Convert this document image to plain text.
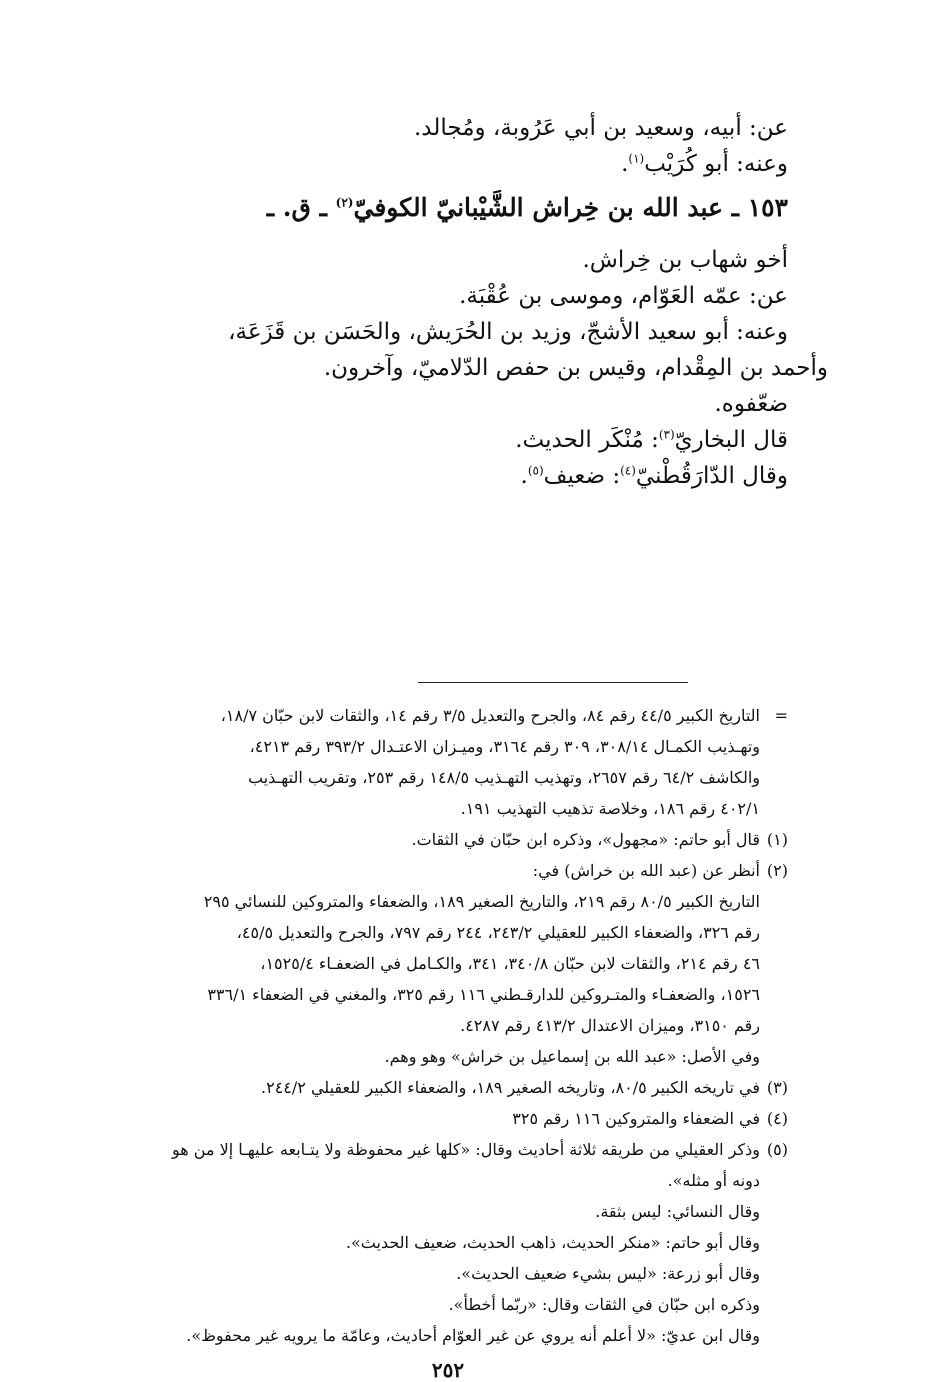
عن: أبيه، وسعيد بن أبي عَرُوبة، ومُجالد.

وعنه: أبو كُرَيْب$^{(١)}$.

١٥٣ ـ عبد الله بن خِراش الشَّيْبانيّ الكوفيّ$^{(٢)}$ ـ ق. ـ

أخو شهاب بن خِراش.

عن: عمّه العَوّام، وموسى بن عُقْبَة.

وعنه: أبو سعيد الأشجّ، وزيد بن الحُرَيش، والحَسَن بن قَزَعَة،

وأحمد بن المِقْدام، وقيس بن حفص الدّلاميّ، وآخرون.

ضعّفوه.

قال البخاريّ$^{(٣)}$: مُنْكَر الحديث.

وقال الدّارَقُطْنيّ$^{(٤)}$: ضعيف$^{(٥)}$.

=التاريخ الكبير ٤٤/٥ رقم ٨٤، والجرح والتعديل ٣/٥ رقم ١٤، والثقات لابن حبّان ١٨/٧،

وتهـذيب الكمـال ٣٠٨/١٤، ٣٠٩ رقم ٣١٦٤، وميـزان الاعتـدال ٣٩٣/٢ رقم ٤٢١٣،

والكاشف ٦٤/٢ رقم ٢٦٥٧، وتهذيب التهـذيب ١٤٨/٥ رقم ٢٥٣، وتقريب التهـذيب

٤٠٢/١ رقم ١٨٦، وخلاصة تذهيب التهذيب ١٩١.

(١)قال أبو حاتم: «مجهول»، وذكره ابن حبّان في الثقات.

(٢)أنظر عن (عبد الله بن خراش) في:

التاريخ الكبير ٨٠/٥ رقم ٢١٩، والتاريخ الصغير ١٨٩، والضعفاء والمتروكين للنسائي ٢٩٥

رقم ٣٢٦، والضعفاء الكبير للعقيلي ٢٤٣/٢، ٢٤٤ رقم ٧٩٧، والجرح والتعديل ٤٥/٥،

٤٦ رقم ٢١٤، والثقات لابن حبّان ٣٤٠/٨، ٣٤١، والكـامل في الضعفـاء ١٥٢٥/٤،

١٥٢٦، والضعفـاء والمتـروكين للدارقـطني ١١٦ رقم ٣٢٥، والمغني في الضعفاء ٣٣٦/١

رقم ٣١٥٠، وميزان الاعتدال ٤١٣/٢ رقم ٤٢٨٧.

وفي الأصل: «عبد الله بن إسماعيل بن خراش» وهو وهم.

(٣)في تاريخه الكبير ٨٠/٥، وتاريخه الصغير ١٨٩، والضعفاء الكبير للعقيلي ٢٤٤/٢.

(٤)في الضعفاء والمتروكين ١١٦ رقم ٣٢٥

(٥)وذكر العقيلي من طريقه ثلاثة أحاديث وقال: «كلها غير محفوظة ولا يتـابعه عليهـا إلا من هو

دونه أو مثله».

وقال النسائي: ليس بثقة.

وقال أبو حاتم: «منكر الحديث، ذاهب الحديث، ضعيف الحديث».

وقال أبو زرعة: «ليس بشيء ضعيف الحديث».

وذكره ابن حبّان في الثقات وقال: «ربّما أخطأ».

وقال ابن عديّ: «لا أعلم أنه يروي عن غير العوّام أحاديث، وعامّة ما يرويه غير محفوظ».

٢٥٢
